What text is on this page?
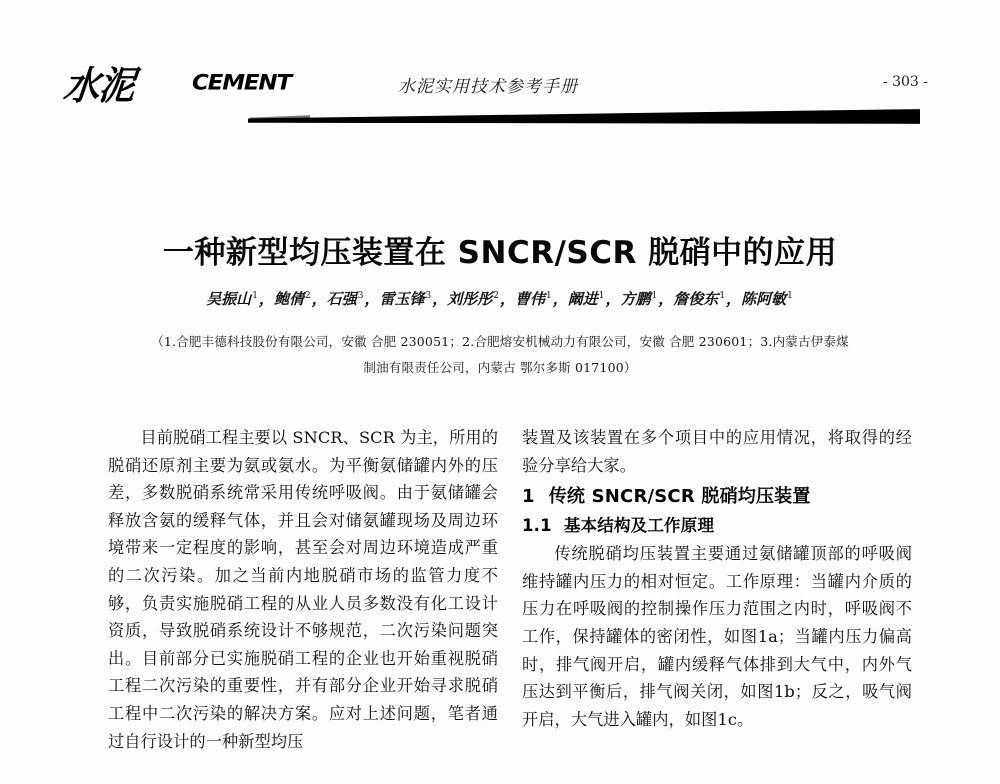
水泥 CEMENT	水泥实用技术参考手册	- 303 -
一种新型均压装置在 SNCR/SCR 脱硝中的应用
吴振山$^1$，鲍倩$^2$，石强$^3$，雷玉锋$^3$，刘彤彤$^2$，曹伟$^1$，阚进$^1$，方鹏$^1$，詹俊东$^1$，陈阿敏$^1$
（1.合肥丰德科技股份有限公司，安徽 合肥 230051；2.合肥熔安机械动力有限公司，安徽 合肥 230601；3.内蒙古伊泰煤
制油有限责任公司，内蒙古 鄂尔多斯 017100）

目前脱硝工程主要以 SNCR、SCR 为主，所用的脱硝还原剂主要为氨或氨水。为平衡氨储罐内外的压差，多数脱硝系统常采用传统呼吸阀。由于氨储罐会释放含氨的缓释气体，并且会对储氨罐现场及周边环境带来一定程度的影响，甚至会对周边环境造成严重的二次污染。加之当前内地脱硝市场的监管力度不够，负责实施脱硝工程的从业人员多数没有化工设计资质，导致脱硝系统设计不够规范，二次污染问题突出。目前部分已实施脱硝工程的企业也开始重视脱硝工程二次污染的重要性，并有部分企业开始寻求脱硝工程中二次污染的解决方案。应对上述问题，笔者通过自行设计的一种新型均压

装置及该装置在多个项目中的应用情况，将取得的经验分享给大家。

1 传统 SNCR/SCR 脱硝均压装置
1.1 基本结构及工作原理

传统脱硝均压装置主要通过氨储罐顶部的呼吸阀维持罐内压力的相对恒定。工作原理：当罐内介质的压力在呼吸阀的控制操作压力范围之内时，呼吸阀不工作，保持罐体的密闭性，如图1a；当罐内压力偏高时，排气阀开启，罐内缓释气体排到大气中，内外气压达到平衡后，排气阀关闭，如图1b；反之，吸气阀开启，大气进入罐内，如图1c。
